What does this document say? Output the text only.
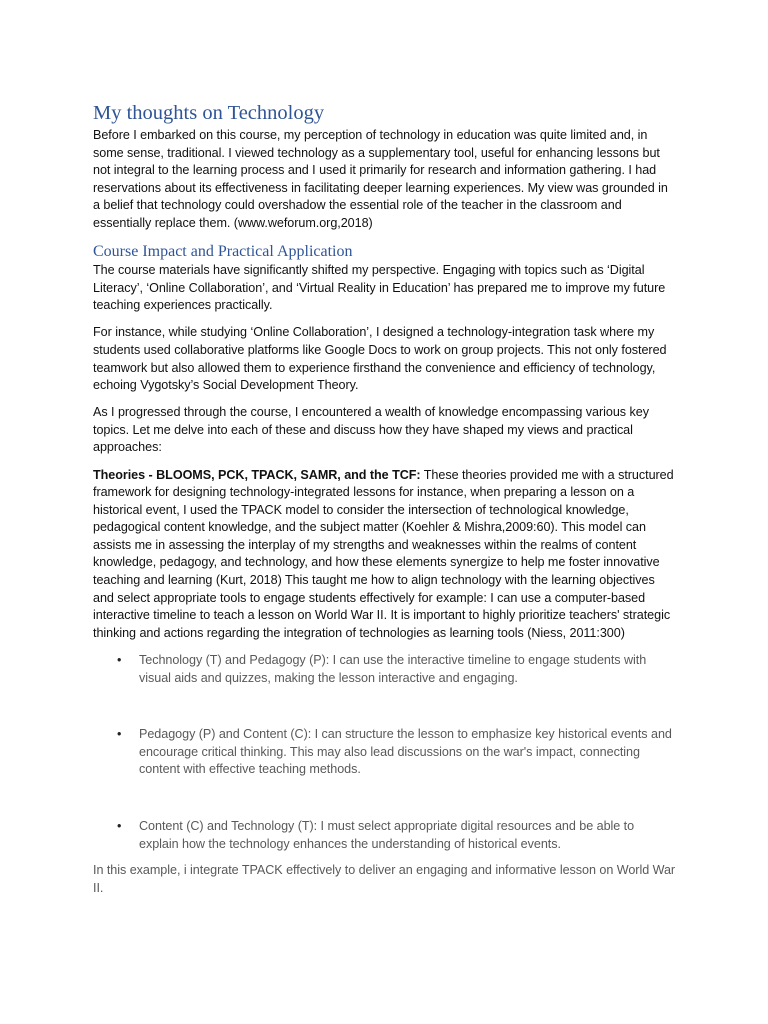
My thoughts on Technology

Before I embarked on this course, my perception of technology in education was quite limited and, in some sense, traditional. I viewed technology as a supplementary tool, useful for enhancing lessons but not integral to the learning process and I used it primarily for research and information gathering. I had reservations about its effectiveness in facilitating deeper learning experiences. My view was grounded in a belief that technology could overshadow the essential role of the teacher in the classroom and essentially replace them. (www.weforum.org,2018)

Course Impact and Practical Application

The course materials have significantly shifted my perspective. Engaging with topics such as ‘Digital Literacy’, ‘Online Collaboration’, and ‘Virtual Reality in Education’ has prepared me to improve my future teaching experiences practically.

For instance, while studying ‘Online Collaboration’, I designed a technology-integration task where my students used collaborative platforms like Google Docs to work on group projects. This not only fostered teamwork but also allowed them to experience firsthand the convenience and efficiency of technology, echoing Vygotsky’s Social Development Theory.

As I progressed through the course, I encountered a wealth of knowledge encompassing various key topics. Let me delve into each of these and discuss how they have shaped my views and practical approaches:

Theories - BLOOMS, PCK, TPACK, SAMR, and the TCF: These theories provided me with a structured framework for designing technology-integrated lessons for instance, when preparing a lesson on a historical event, I used the TPACK model to consider the intersection of technological knowledge, pedagogical content knowledge, and the subject matter (Koehler & Mishra,2009:60). This model can assists me in assessing the interplay of my strengths and weaknesses within the realms of content knowledge, pedagogy, and technology, and how these elements synergize to help me foster innovative teaching and learning (Kurt, 2018) This taught me how to align technology with the learning objectives and select appropriate tools to engage students effectively for example: I can use a computer-based interactive timeline to teach a lesson on World War II. It is important to highly prioritize teachers' strategic thinking and actions regarding the integration of technologies as learning tools (Niess, 2011:300)

• Technology (T) and Pedagogy (P): I can use the interactive timeline to engage students with visual aids and quizzes, making the lesson interactive and engaging.
• Pedagogy (P) and Content (C): I can structure the lesson to emphasize key historical events and encourage critical thinking. This may also lead discussions on the war's impact, connecting content with effective teaching methods.
• Content (C) and Technology (T): I must select appropriate digital resources and be able to explain how the technology enhances the understanding of historical events.

In this example, i integrate TPACK effectively to deliver an engaging and informative lesson on World War II.
